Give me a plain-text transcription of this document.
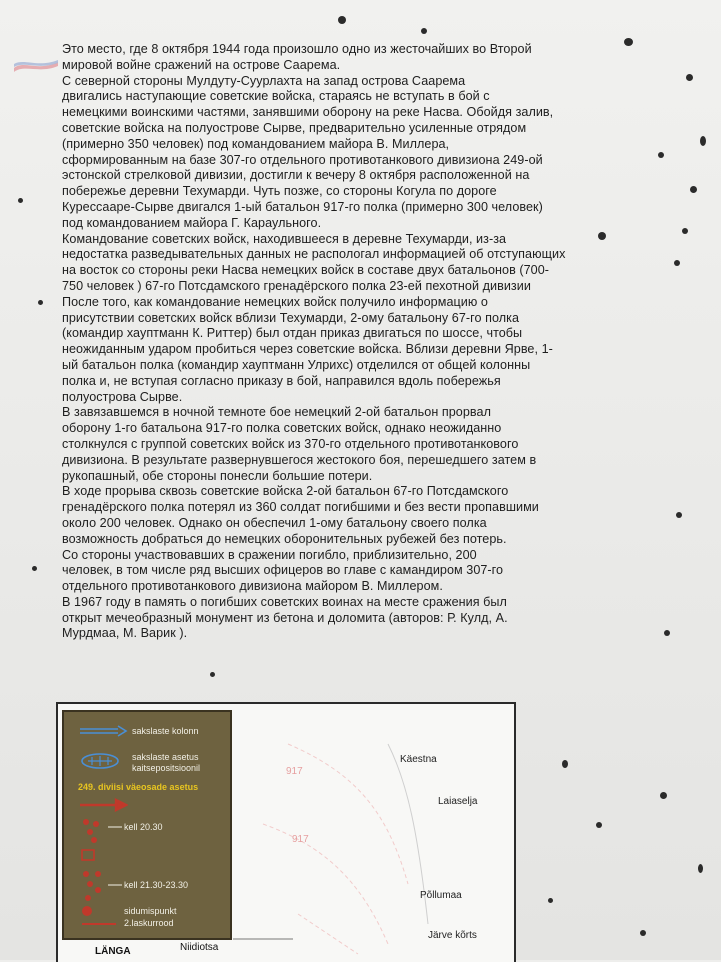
Это место, где 8 октября 1944 года произошло одно из жесточайших во Второй
мировой войне сражений на острове Саарема.

С северной стороны Мулдуту-Суурлахта на запад острова Саарема
двигались наступающие советские войска, стараясь не вступать в бой с
немецкими воинскими частями, занявшими оборону на реке Насва. Обойдя залив,
советские войска на полуострове Сырве, предварительно усиленные отрядом
(примерно 350 человек) под командованием майора В. Миллера,
сформированным на базе 307-го отдельного противотанкового дивизиона 249-ой
эстонской стрелковой дивизии, достигли к вечеру 8 октября расположенной на
побережье деревни Техумарди. Чуть позже, со стороны Когула по дороге
Куресcааре-Сырве двигался 1-ый батальон 917-го полка (примерно 300 человек)
под командованием майора Г. Караульного.

Командование советских войск, находившееся в деревне Техумарди, из-за
недостатка разведывательных данных не распологал информацией об отступающих
на восток со стороны реки Насва немецких войск в составе двух батальонов (700-
750 человек ) 67-го Потсдамского гренадёрского полка 23-ей пехотной дивизии
После того, как командование немецких войск получило информацию о
присутствии советских войск вблизи Техумарди, 2-ому батальону 67-го полка
(командир хауптманн К. Риттер) был отдан приказ двигаться по шоссе, чтобы
неожиданным ударом пробиться через советские войска. Вблизи деревни Ярве, 1-
ый батальон полка (командир хауптманн Улрихс) отделился от общей колонны
полка и, не вступая согласно приказу в бой, направился вдоль побережья
полуострова Сырве.

В завязавшемся в ночной темноте бое немецкий 2-ой батальон прорвал
оборону 1-го батальона 917-го полка советских войск, однако неожиданно
столкнулся с группой советских войск из 370-го отдельного противотанкового
дивизиона. В результате развернувшегося жестокого боя, перешедшего затем в
рукопашный, обе стороны понесли большие потери.

В ходе прорыва сквозь советские войска 2-ой батальон 67-го Потсдамского
гренадёрского полка потерял из 360 солдат погибшими и без вести пропавшими
около 200 человек. Однако он обеспечил 1-ому батальону своего полка
возможность добраться до немецких оборонительных рубежей без потерь.
Со стороны участвовавших в сражении погибло, приблизительно, 200
человек, в том числе ряд высших офицеров во главе с камандиром 307-го
отдельного противотанкового дивизиона майором В. Миллером.

В 1967 году в память о погибших советских воинах на месте сражения был
открыт мечеобразный монумент из бетона и доломита (авторов: Р. Кулд, А.
Мурдмаа, М. Варик ).

sakslaste kolonn
sakslaste asetus
kaitsepositsioonil
249. diviisi väeosade asetus
kell 20.30
kell 21.30-23.30
sidumispunkt
2.laskurrood
Käestna
Laiaselja
Põllumaa
Järve kõrts
917
917
LÄNGA	Niidiotsa
